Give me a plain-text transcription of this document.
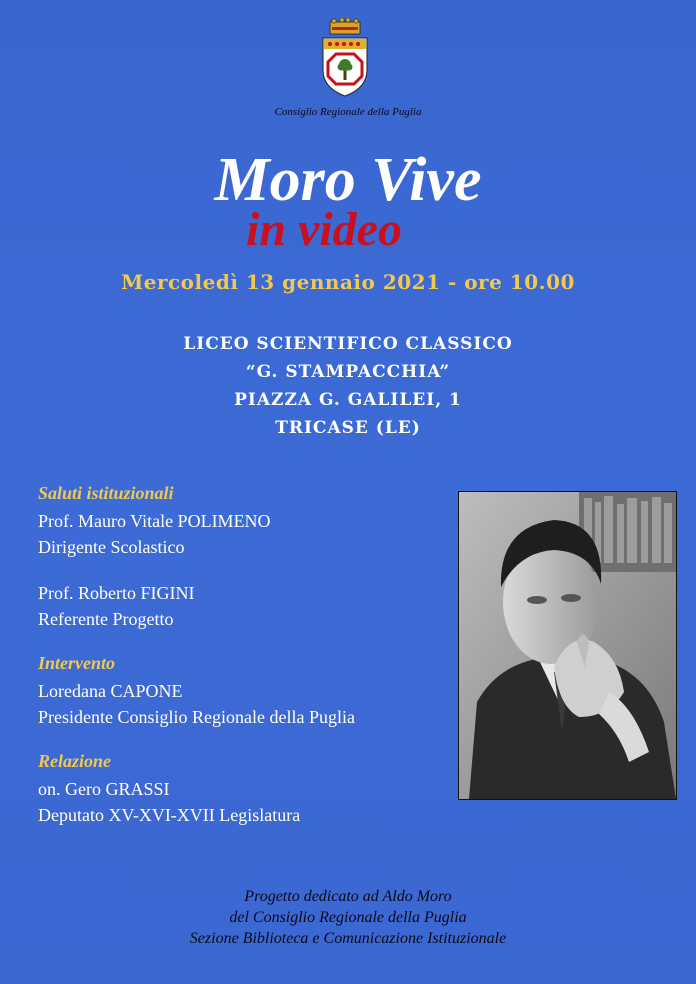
Consiglio Regionale della Puglia
Moro Vive
in video
Mercoledì 13 gennaio 2021 - ore 10.00
LICEO SCIENTIFICO CLASSICO
“G. STAMPACCHIA”
PIAZZA G. GALILEI, 1
TRICASE (LE)
Saluti istituzionali
Prof. Mauro Vitale POLIMENO
Dirigente Scolastico
Prof. Roberto FIGINI
Referente Progetto
Intervento
Loredana CAPONE
Presidente Consiglio Regionale della Puglia
Relazione
on. Gero GRASSI
Deputato XV-XVI-XVII Legislatura
Progetto dedicato ad Aldo Moro
del Consiglio Regionale della Puglia
Sezione Biblioteca e Comunicazione Istituzionale
